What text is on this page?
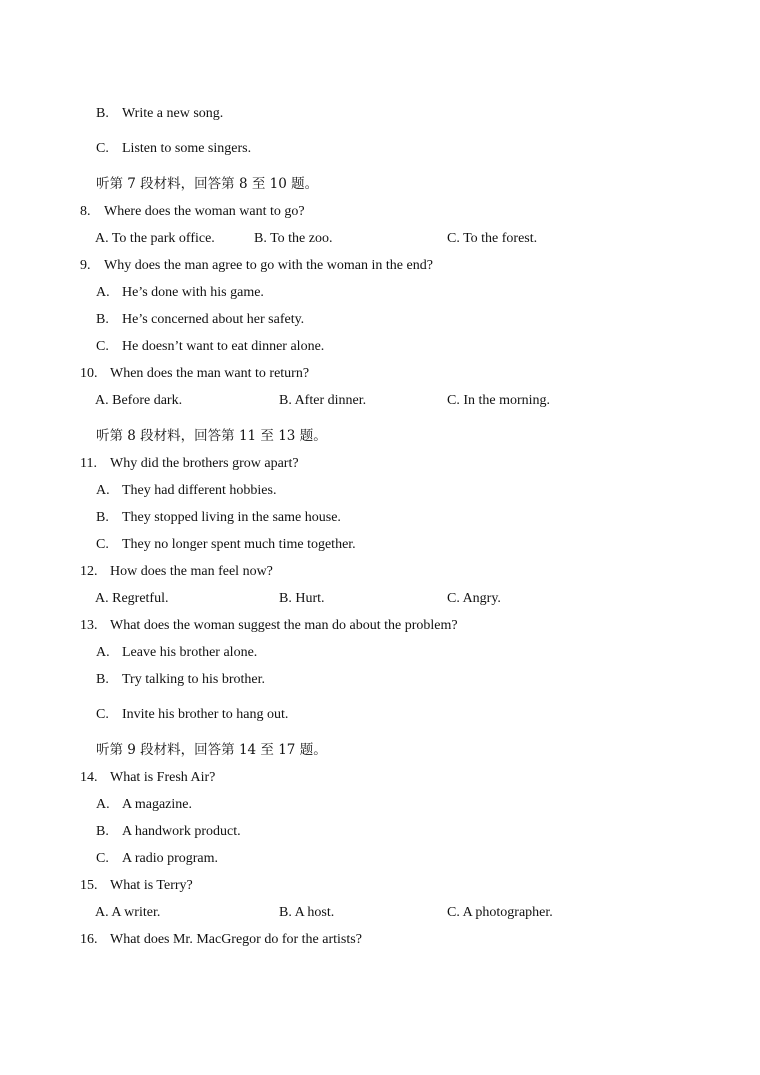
B. Write a new song.
C. Listen to some singers.
听第 7 段材料，回答第 8 至 10 题。
8. Where does the woman want to go?
A. To the park office.	B. To the zoo.	C. To the forest.
9. Why does the man agree to go with the woman in the end?
A. He’s done with his game.
B. He’s concerned about her safety.
C. He doesn’t want to eat dinner alone.
10. When does the man want to return?
A. Before dark.	B. After dinner.	C. In the morning.
听第 8 段材料，回答第 11 至 13 题。
11. Why did the brothers grow apart?
A. They had different hobbies.
B. They stopped living in the same house.
C. They no longer spent much time together.
12. How does the man feel now?
A. Regretful.	B. Hurt.	C. Angry.
13. What does the woman suggest the man do about the problem?
A. Leave his brother alone.
B. Try talking to his brother.
C. Invite his brother to hang out.
听第 9 段材料，回答第 14 至 17 题。
14. What is Fresh Air?
A. A magazine.
B. A handwork product.
C. A radio program.
15. What is Terry?
A. A writer.	B. A host.	C. A photographer.
16. What does Mr. MacGregor do for the artists?
